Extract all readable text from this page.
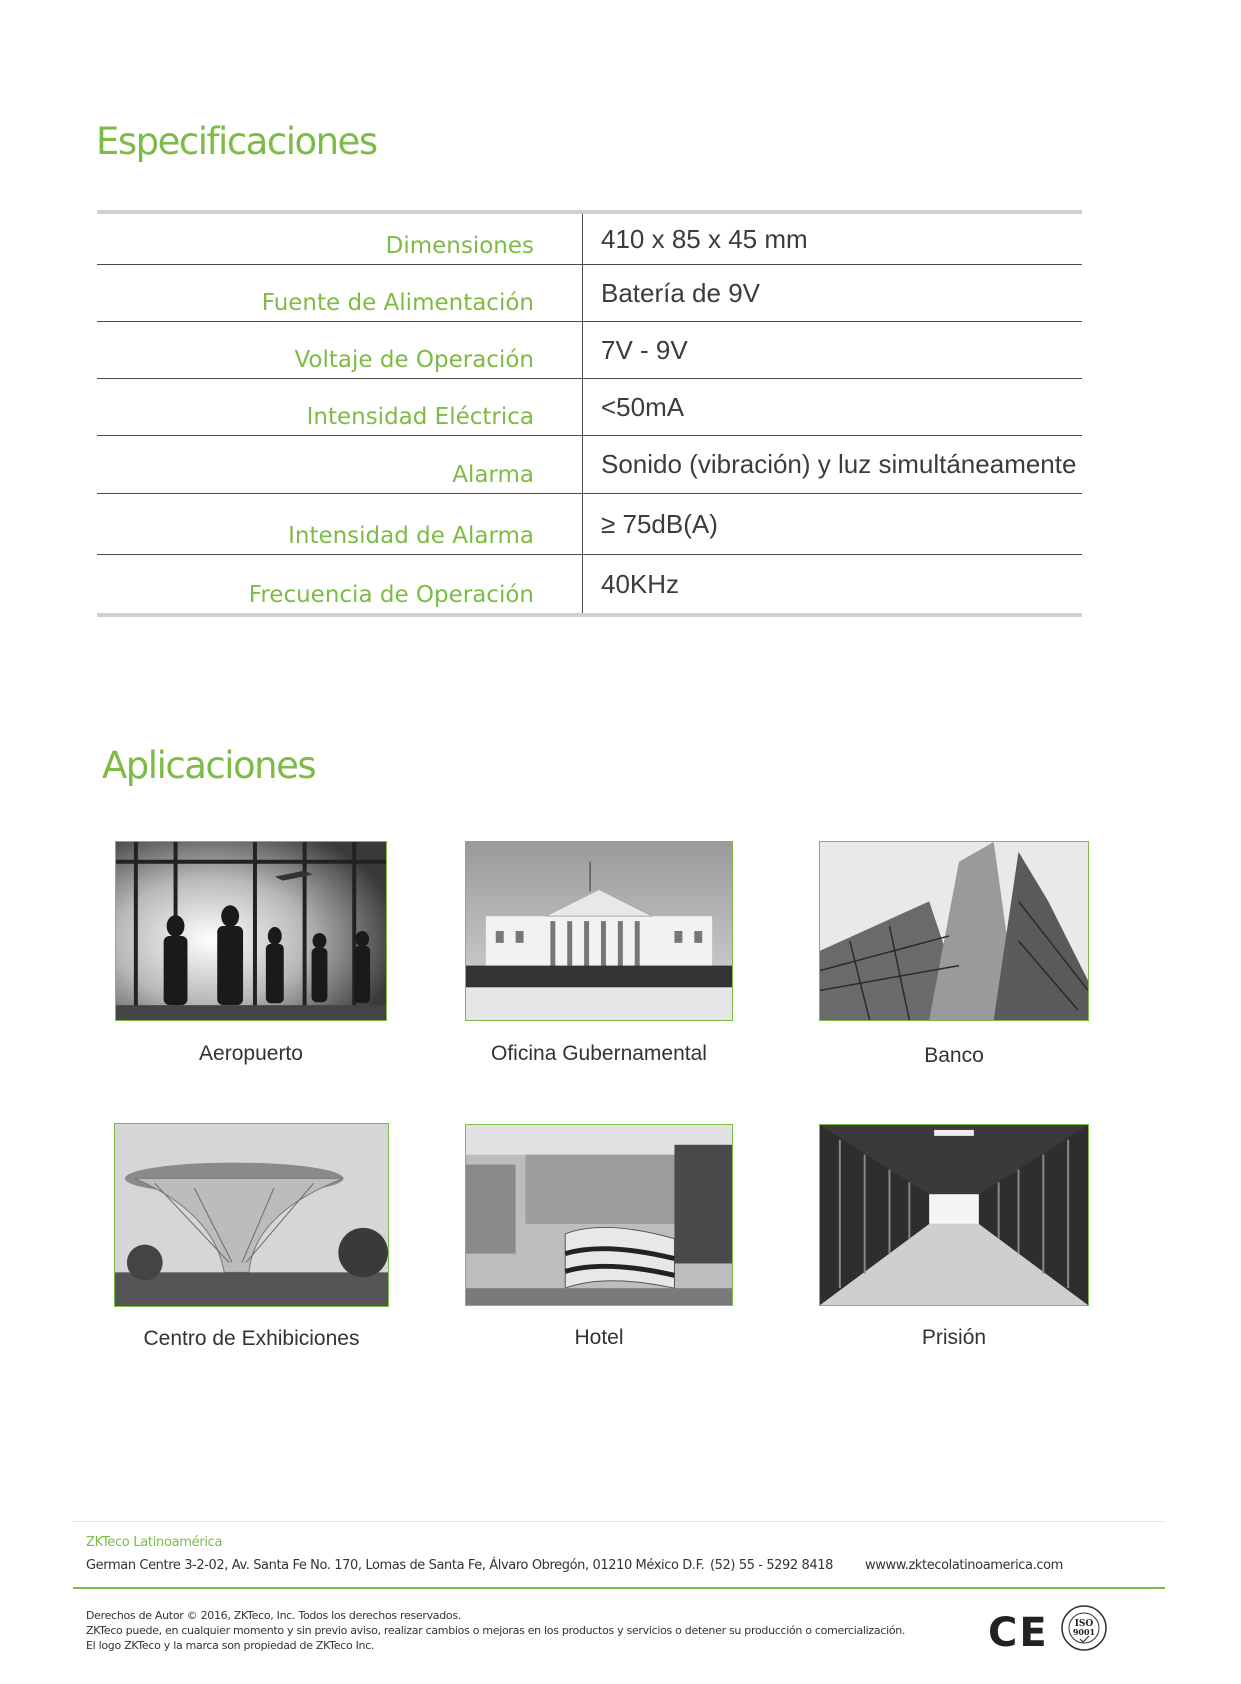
Especificaciones
Dimensiones	410 x 85 x 45 mm
Fuente de Alimentación	Batería de 9V
Voltaje de Operación	7V - 9V
Intensidad Eléctrica	<50mA
Alarma	Sonido (vibración) y luz simultáneamente
Intensidad de Alarma	≥ 75dB(A)
Frecuencia de Operación	40KHz
Aplicaciones
Aeropuerto	Oficina Gubernamental	Banco
Centro de Exhibiciones	Hotel	Prisión
ZKTeco Latinoamérica
German Centre 3-2-02, Av. Santa Fe No. 170, Lomas de Santa Fe, Álvaro Obregón, 01210 México D.F. (52) 55 - 5292 8418 wwww.zktecolatinoamerica.com
Derechos de Autor © 2016, ZKTeco, Inc. Todos los derechos reservados.
ZKTeco puede, en cualquier momento y sin previo aviso, realizar cambios o mejoras en los productos y servicios o detener su producción o comercialización.
El logo ZKTeco y la marca son propiedad de ZKTeco Inc.	CE	ISO
9001
